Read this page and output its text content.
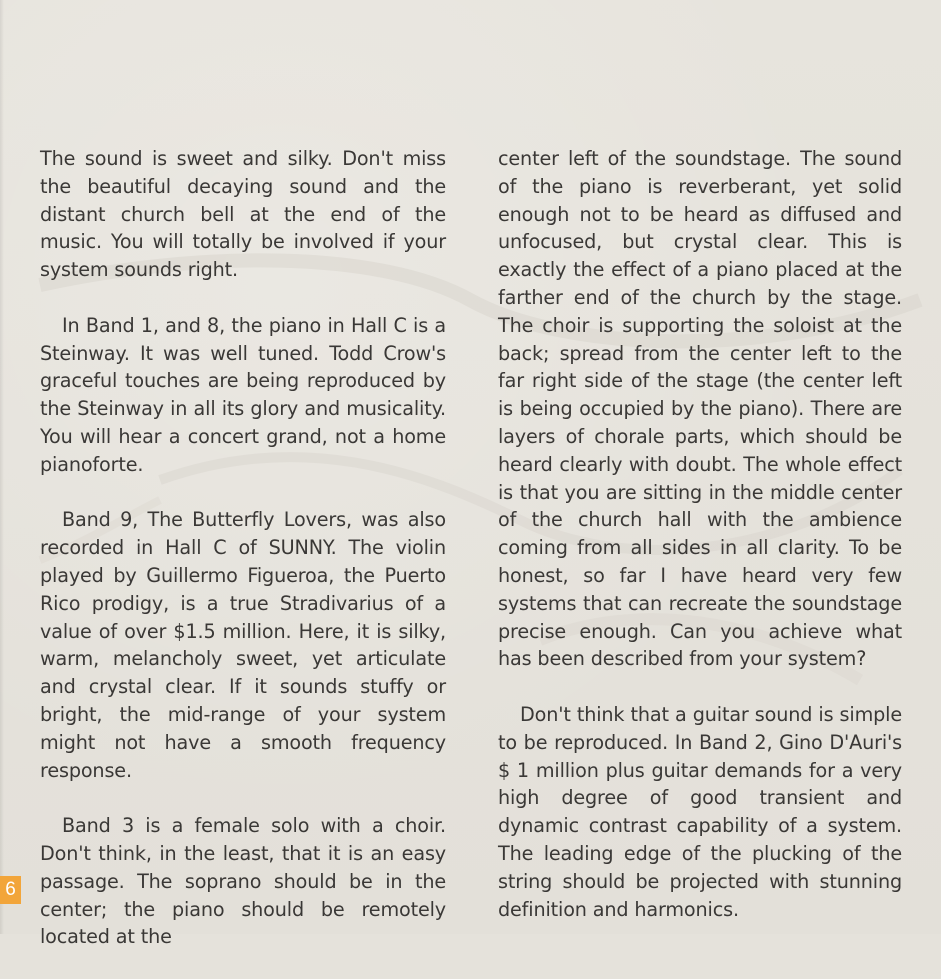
The sound is sweet and silky. Don't miss the beautiful decaying sound and the distant church bell at the end of the music. You will totally be involved if your system sounds right.

In Band 1, and 8, the piano in Hall C is a Steinway. It was well tuned. Todd Crow's graceful touches are being reproduced by the Steinway in all its glory and musicality. You will hear a concert grand, not a home pianoforte.

Band 9, The Butterfly Lovers, was also recorded in Hall C of SUNNY. The violin played by Guillermo Figueroa, the Puerto Rico prodigy, is a true Stradivarius of a value of over $1.5 million. Here, it is silky, warm, melancholy sweet, yet articulate and crystal clear. If it sounds stuffy or bright, the mid-range of your system might not have a smooth frequency response.

Band 3 is a female solo with a choir. Don't think, in the least, that it is an easy passage. The soprano should be in the center; the piano should be remotely located at the

center left of the soundstage. The sound of the piano is reverberant, yet solid enough not to be heard as diffused and unfocused, but crystal clear. This is exactly the effect of a piano placed at the farther end of the church by the stage. The choir is supporting the soloist at the back; spread from the center left to the far right side of the stage (the center left is being occupied by the piano). There are layers of chorale parts, which should be heard clearly with doubt. The whole effect is that you are sitting in the middle center of the church hall with the ambience coming from all sides in all clarity. To be honest, so far I have heard very few systems that can recreate the soundstage precise enough. Can you achieve what has been described from your system?

Don't think that a guitar sound is simple to be reproduced. In Band 2, Gino D'Auri's $ 1 million plus guitar demands for a very high degree of good transient and dynamic contrast capability of a system. The leading edge of the plucking of the string should be projected with stunning definition and harmonics.

6
